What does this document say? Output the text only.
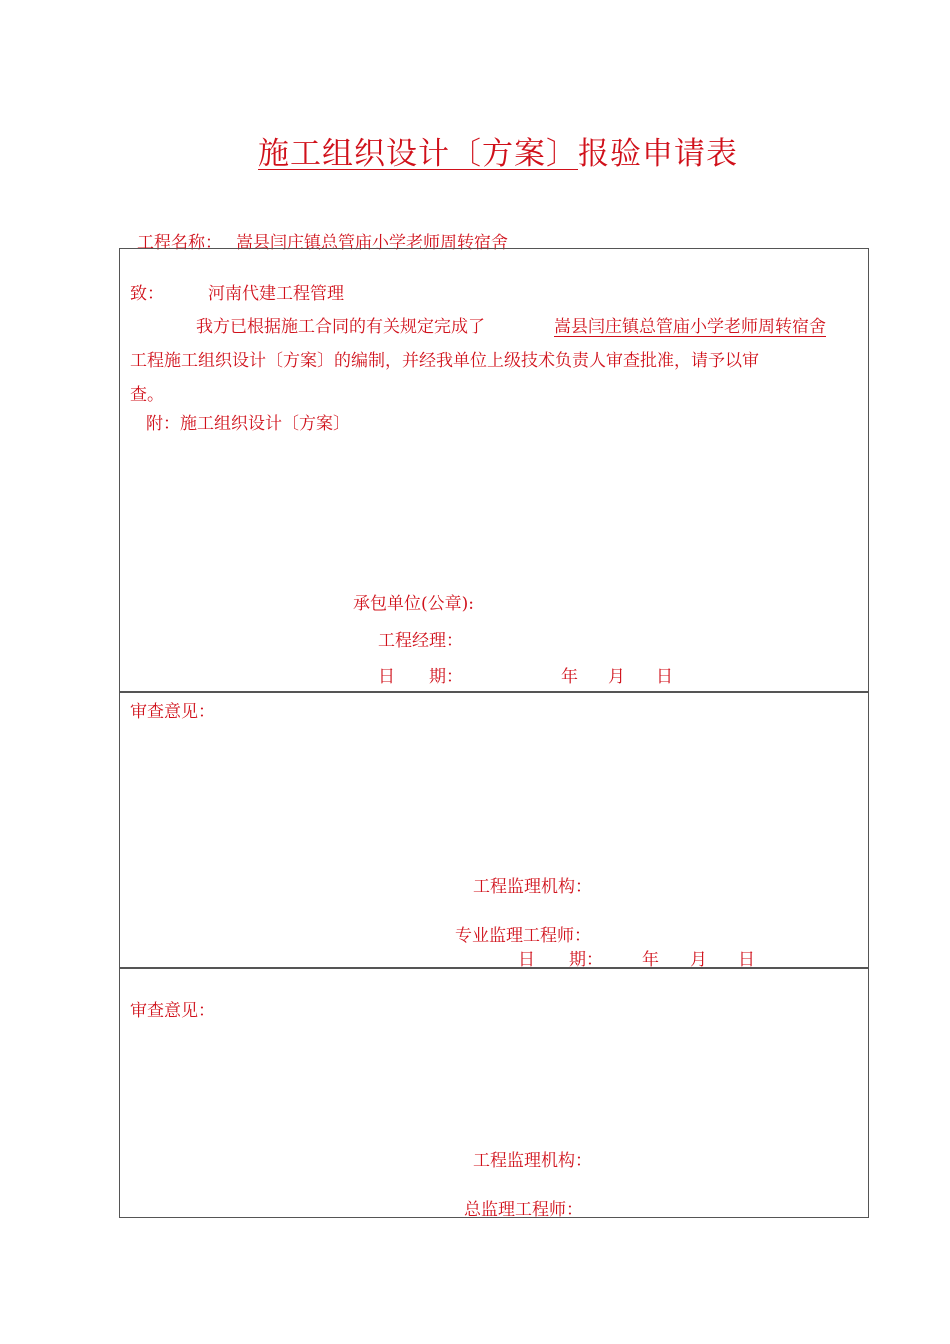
施工组织设计〔方案〕报验申请表
工程名称： 嵩县闫庄镇总管庙小学老师周转宿舍
致：	河南代建工程管理
我方已根据施工合同的有关规定完成了	嵩县闫庄镇总管庙小学老师周转宿舍
工程施工组织设计〔方案〕的编制，并经我单位上级技术负责人审查批准，请予以审
查。
附：施工组织设计〔方案〕
承包单位(公章):
工程经理：
日　　期：	年 月 日
审查意见：
工程监理机构：
专业监理工程师：
日　　期： 年 月 日
审查意见：
工程监理机构：
总监理工程师：
